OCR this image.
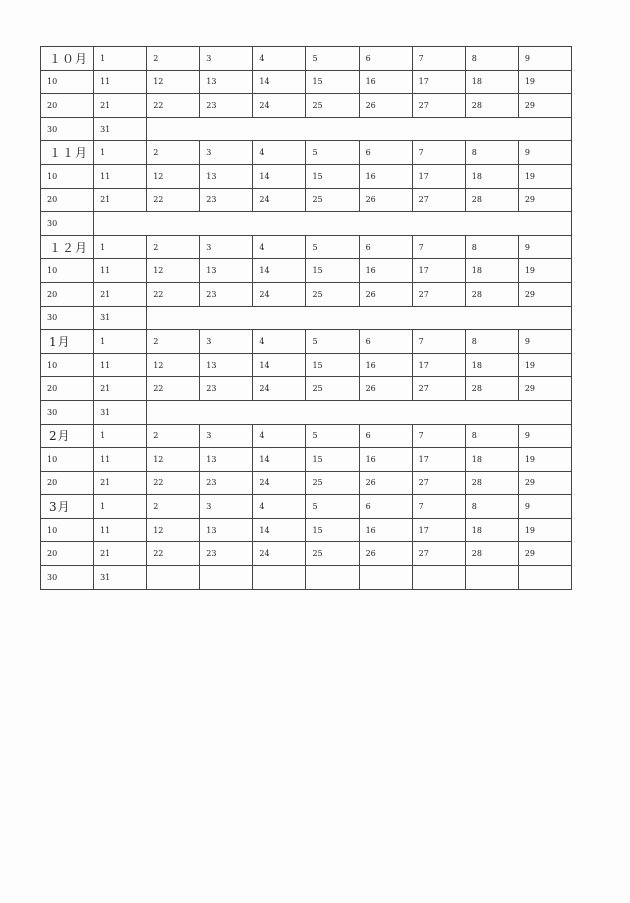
１０月	1	2	3	4	5	6	7	8	9
10	11	12	13	14	15	16	17	18	19
20	21	22	23	24	25	26	27	28	29
30	31								
１１月	1	2	3	4	5	6	7	8	9
10	11	12	13	14	15	16	17	18	19
20	21	22	23	24	25	26	27	28	29
30									
１２月	1	2	3	4	5	6	7	8	9
10	11	12	13	14	15	16	17	18	19
20	21	22	23	24	25	26	27	28	29
30	31								
1月	1	2	3	4	5	6	7	8	9
10	11	12	13	14	15	16	17	18	19
20	21	22	23	24	25	26	27	28	29
30	31								
2月	1	2	3	4	5	6	7	8	9
10	11	12	13	14	15	16	17	18	19
20	21	22	23	24	25	26	27	28	29
3月	1	2	3	4	5	6	7	8	9
10	11	12	13	14	15	16	17	18	19
20	21	22	23	24	25	26	27	28	29
30	31								
